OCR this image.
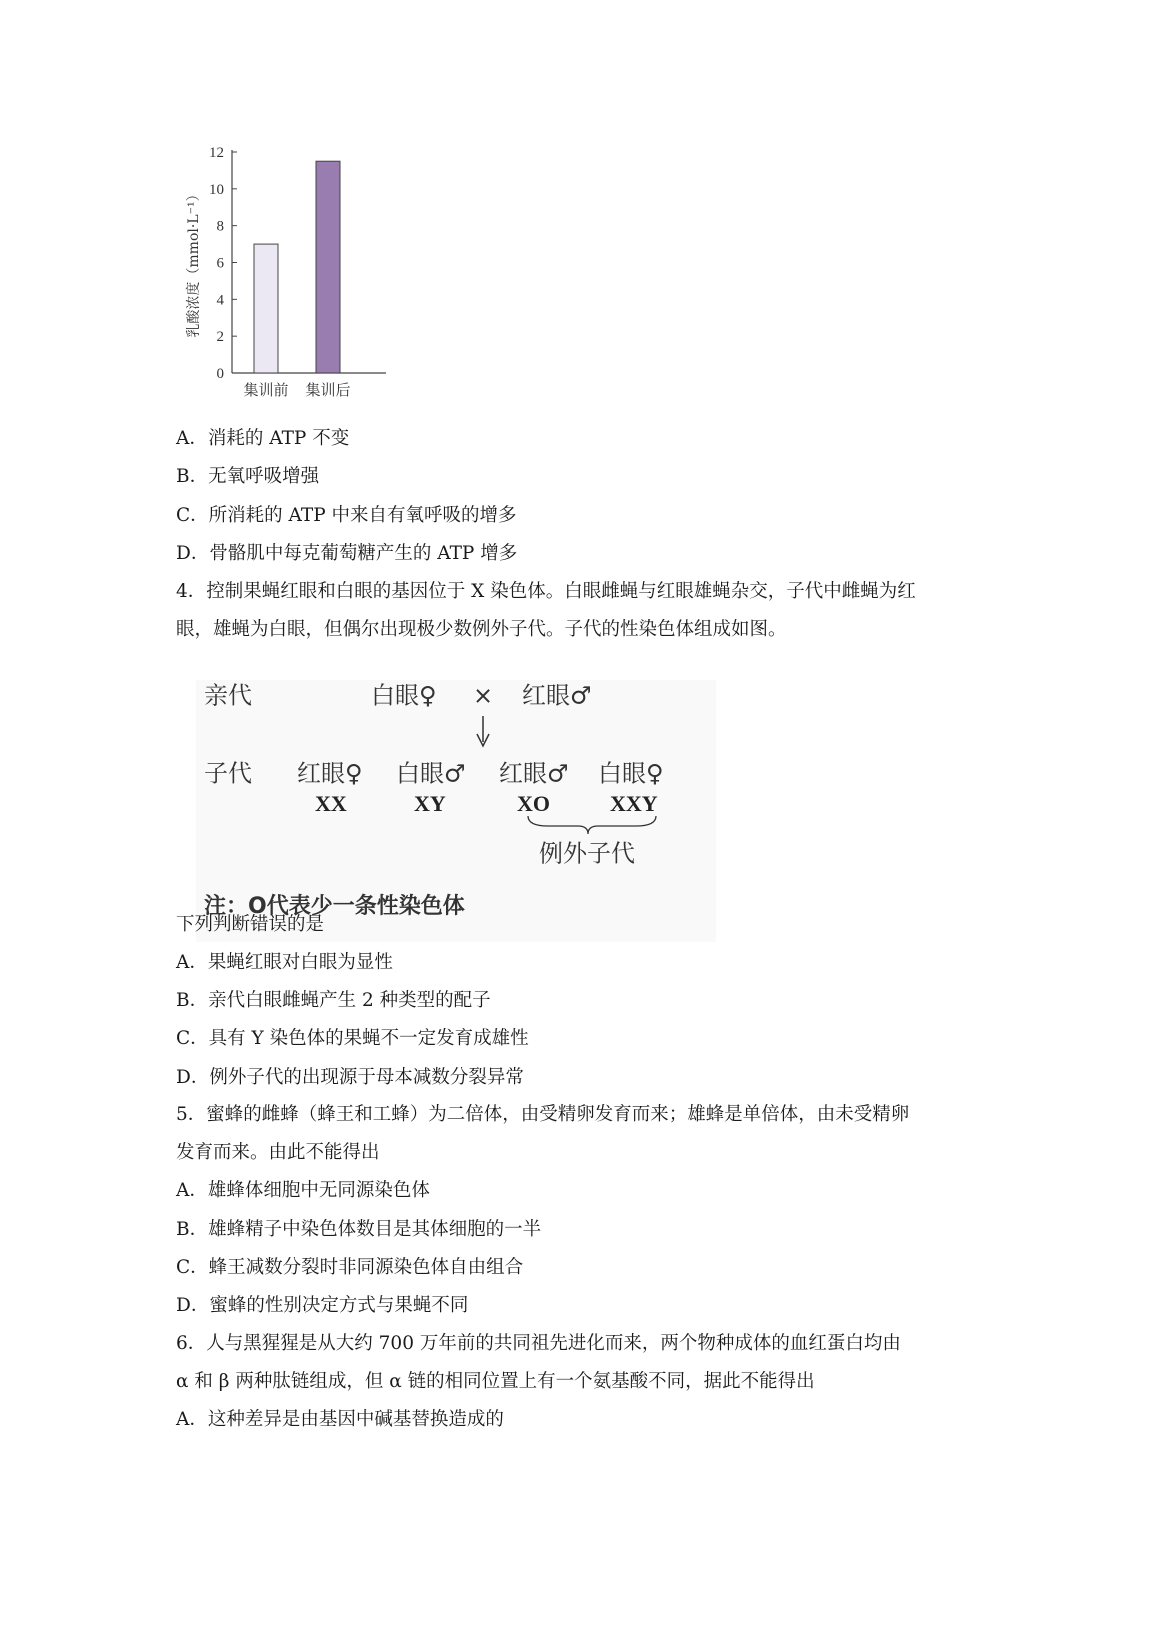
0
2
4
6
8
10
12
乳酸浓度（mmol·L⁻¹）
集训前 集训后
A．消耗的 ATP 不变
B．无氧呼吸增强
C．所消耗的 ATP 中来自有氧呼吸的增多
D．骨骼肌中每克葡萄糖产生的 ATP 增多
4．控制果蝇红眼和白眼的基因位于 X 染色体。白眼雌蝇与红眼雄蝇杂交，子代中雌蝇为红
眼，雄蝇为白眼，但偶尔出现极少数例外子代。子代的性染色体组成如图。
亲代	白眼♀ × 红眼♂
子代 红眼♀
XX
白眼♂
XY
红眼♂
XO
白眼♀
XXY
例外子代
注：O代表少一条性染色体
下列判断错误的是
A．果蝇红眼对白眼为显性
B．亲代白眼雌蝇产生 2 种类型的配子
C．具有 Y 染色体的果蝇不一定发育成雄性
D．例外子代的出现源于母本减数分裂异常
5．蜜蜂的雌蜂（蜂王和工蜂）为二倍体，由受精卵发育而来；雄蜂是单倍体，由未受精卵
发育而来。由此不能得出
A．雄蜂体细胞中无同源染色体
B．雄蜂精子中染色体数目是其体细胞的一半
C．蜂王减数分裂时非同源染色体自由组合
D．蜜蜂的性别决定方式与果蝇不同
6．人与黑猩猩是从大约 700 万年前的共同祖先进化而来，两个物种成体的血红蛋白均由
α 和 β 两种肽链组成，但 α 链的相同位置上有一个氨基酸不同，据此不能得出
A．这种差异是由基因中碱基替换造成的
